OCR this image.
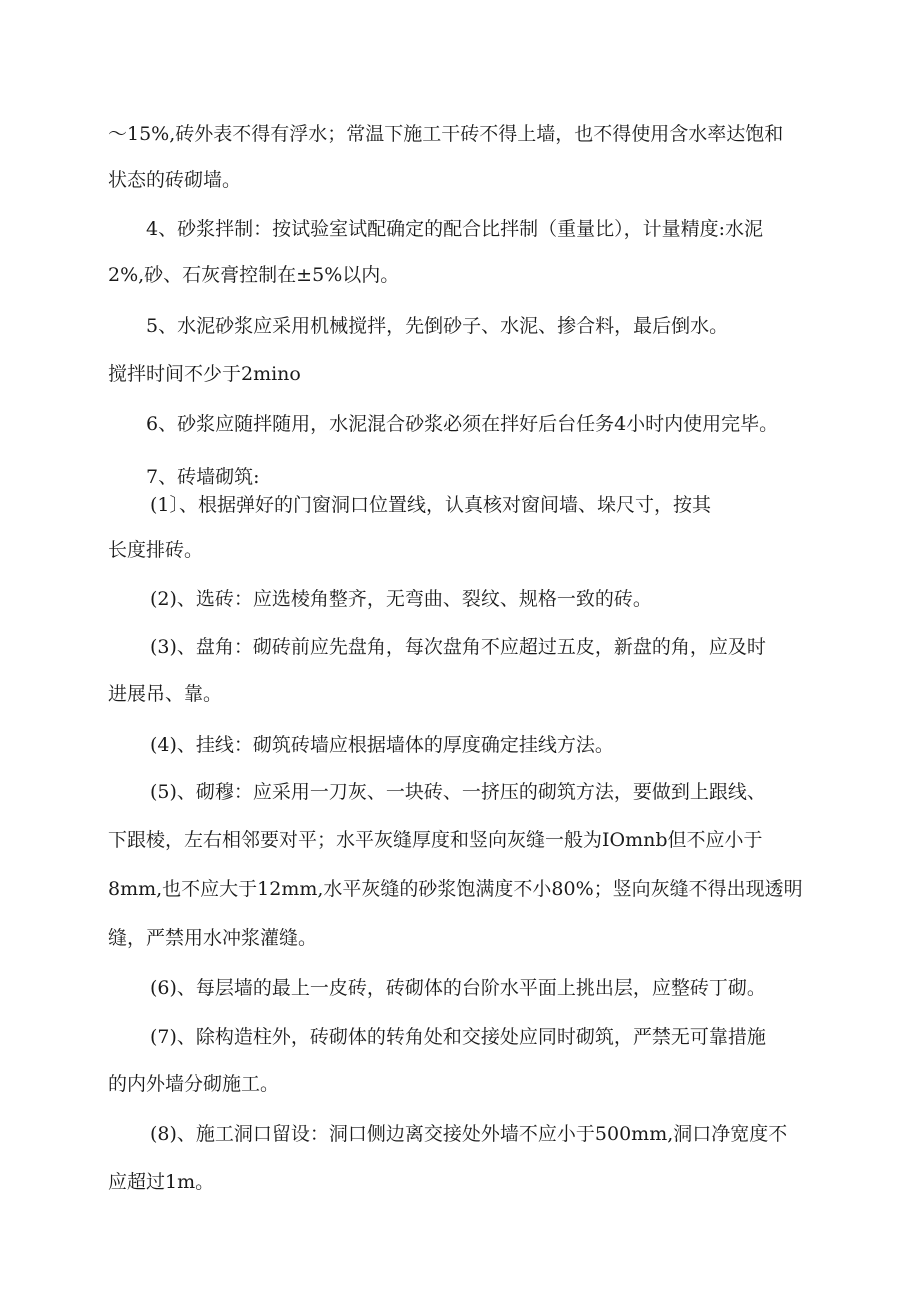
～15%,砖外表不得有浮水；常温下施工干砖不得上墙，也不得使用含水率达饱和
状态的砖砌墙。
4、砂浆拌制：按试验室试配确定的配合比拌制（重量比），计量精度:水泥
2%,砂、石灰膏控制在±5%以内。
5、水泥砂浆应采用机械搅拌，先倒砂子、水泥、掺合料，最后倒水。
搅拌时间不少于2mino
6、砂浆应随拌随用，水泥混合砂浆必须在拌好后台任务4小时内使用完毕。
7、砖墙砌筑:
(1〕、根据弹好的门窗洞口位置线，认真核对窗间墙、垛尺寸，按其
长度排砖。
(2)、选砖：应选棱角整齐，无弯曲、裂纹、规格一致的砖。
(3)、盘角：砌砖前应先盘角，每次盘角不应超过五皮，新盘的角，应及时
进展吊、靠。
(4)、挂线：砌筑砖墙应根据墙体的厚度确定挂线方法。
(5)、砌穆：应采用一刀灰、一块砖、一挤压的砌筑方法，要做到上跟线、
下跟棱，左右相邻要对平；水平灰缝厚度和竖向灰缝一般为IOmnb但不应小于
8mm,也不应大于12mm,水平灰缝的砂浆饱满度不小80%；竖向灰缝不得出现透明
缝，严禁用水冲浆灌缝。
(6)、每层墙的最上一皮砖，砖砌体的台阶水平面上挑出层，应整砖丁砌。
(7)、除构造柱外，砖砌体的转角处和交接处应同时砌筑，严禁无可靠措施
的内外墙分砌施工。
(8)、施工洞口留设：洞口侧边离交接处外墙不应小于500mm,洞口净宽度不
应超过1m。
